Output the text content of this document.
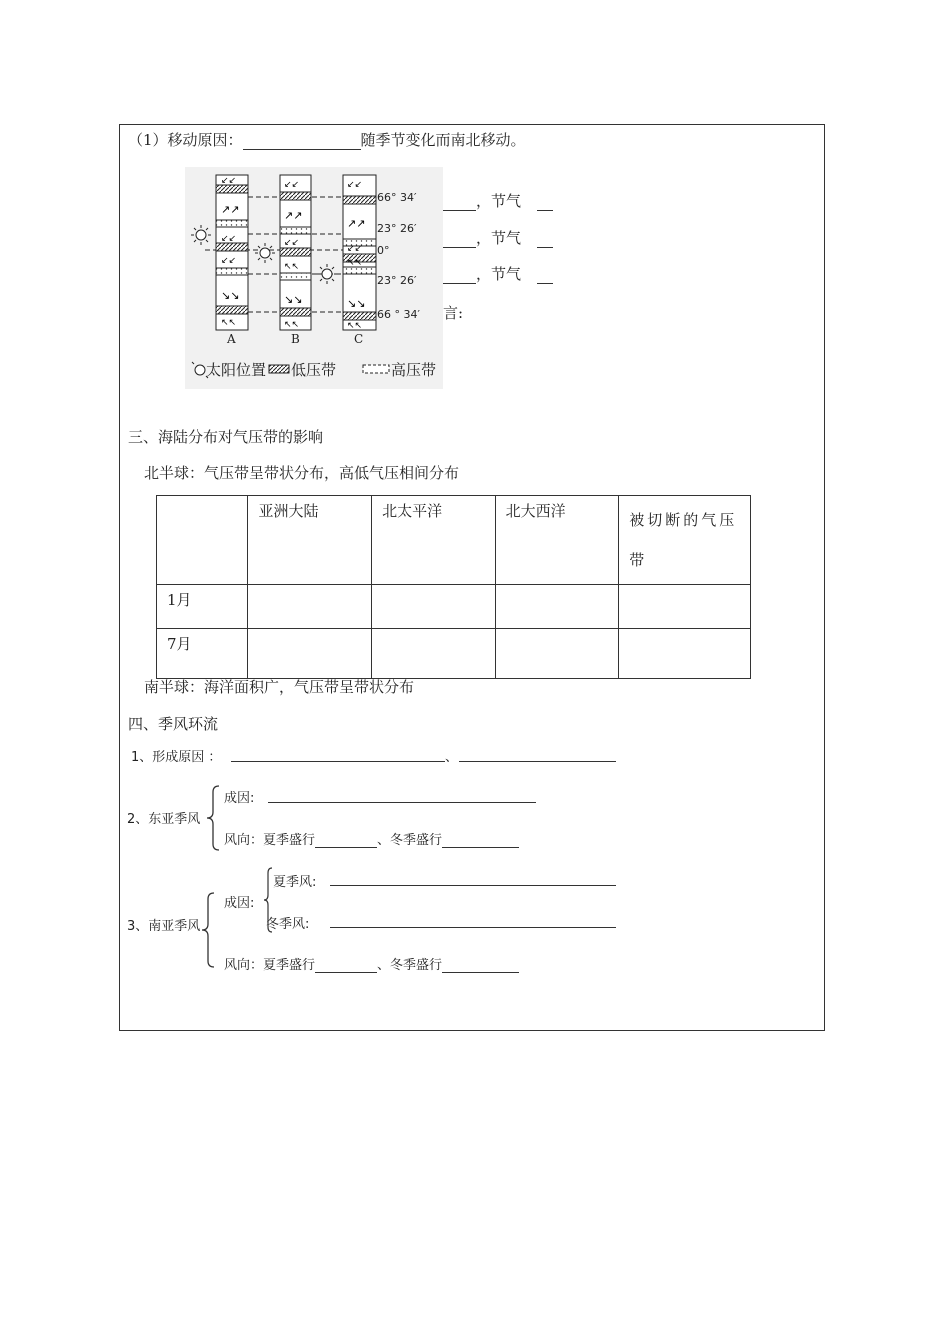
（1）移动原因：	随季节变化而南北移动。
↙↙
↗↗
↙↙
↙↙
↘↘
↖↖
↙↙
↗↗
↙↙
↖↖
↘↘
↖↖
↙↙
↗↗
↙↙
↖↖
↘↘
↖↖
66° 34′
23° 26′
0°
23° 26′
66 ° 34′
A	B	C
太阳位置 低压带	高压带
，节气
，节气
，节气
言:
三、海陆分布对气压带的影响
北半球：气压带呈带状分布，高低气压相间分布
	亚洲大陆	北太平洋	北大西洋	被切断的气压带
1月				
7月				
南半球：海洋面积广，气压带呈带状分布
四、季风环流
1、形成原因 ：	、
2、东亚季风
成因:
风向：夏季盛行	、冬季盛行
3、南亚季风
成因:
夏季风:
冬季风:
风向：夏季盛行	、冬季盛行
